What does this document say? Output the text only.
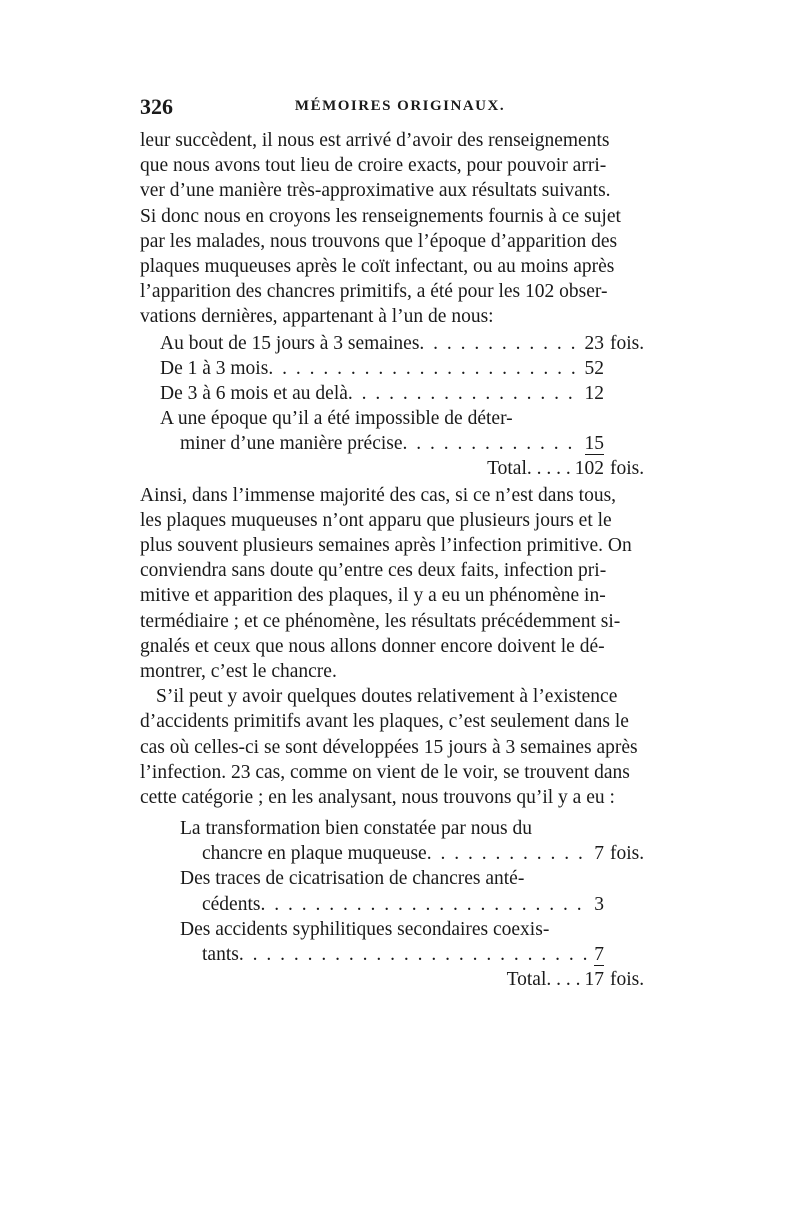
326	MÉMOIRES ORIGINAUX.
leur succèdent, il nous est arrivé d’avoir des renseignements
que nous avons tout lieu de croire exacts, pour pouvoir arri-
ver d’une manière très-approximative aux résultats suivants.
Si donc nous en croyons les renseignements fournis à ce sujet
par les malades, nous trouvons que l’époque d’apparition des
plaques muqueuses après le coït infectant, ou au moins après
l’apparition des chancres primitifs, a été pour les 102 obser-
vations dernières, appartenant à l’un de nous:
Au bout de 15 jours à 3 semaines . . .	23 fois.
De 1 à 3 mois . . .	52
De 3 à 6 mois et au delà . . .	12
A une époque qu’il a été impossible de déter-
miner d’une manière précise . . .	15
Total. . . . . 102 fois.
Ainsi, dans l’immense majorité des cas, si ce n’est dans tous,
les plaques muqueuses n’ont apparu que plusieurs jours et le
plus souvent plusieurs semaines après l’infection primitive. On
conviendra sans doute qu’entre ces deux faits, infection pri-
mitive et apparition des plaques, il y a eu un phénomène in-
termédiaire ; et ce phénomène, les résultats précédemment si-
gnalés et ceux que nous allons donner encore doivent le dé-
montrer, c’est le chancre.
S’il peut y avoir quelques doutes relativement à l’existence
d’accidents primitifs avant les plaques, c’est seulement dans le
cas où celles-ci se sont développées 15 jours à 3 semaines après
l’infection. 23 cas, comme on vient de le voir, se trouvent dans
cette catégorie ; en les analysant, nous trouvons qu’il y a eu :
La transformation bien constatée par nous du
chancre en plaque muqueuse . . .	7 fois.
Des traces de cicatrisation de chancres anté-
cédents . . .	3
Des accidents syphilitiques secondaires coexis-
tants . . .	7
Total. . . . 17 fois.
